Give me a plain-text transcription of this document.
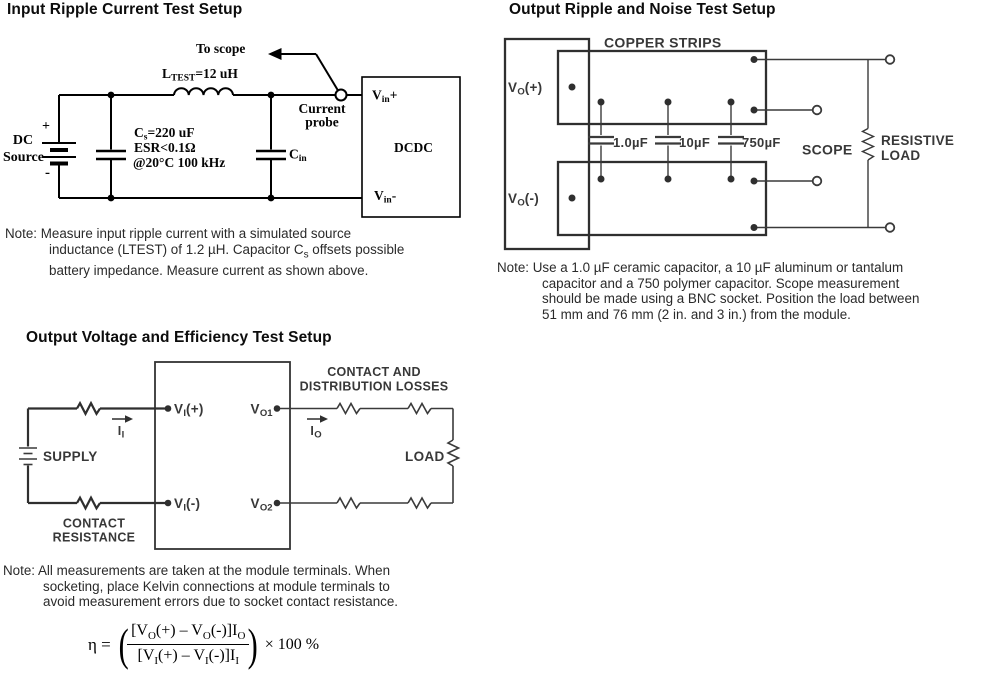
Input Ripple Current Test Setup	Output Ripple and Noise Test Setup
Output Voltage and Efficiency Test Setup
To scope
LTEST=12 uH
+
DC
Source
-
Cs=220 uF
ESR<0.1Ω
@20°C 100 kHz
Cin
Current
probe
Vin+
DCDC
Vin-
Note: Measure input ripple current with a simulated source
inductance (LTEST) of 1.2 µH. Capacitor $C_s$ offsets possible
battery impedance. Measure current as shown above.
COPPER STRIPS
VO(+)
VO(-)
1.0µF 10µF 750µF SCOPE
RESISTIVE
LOAD
Note: Use a 1.0 µF ceramic capacitor, a 10 µF aluminum or tantalum
capacitor and a 750 polymer capacitor. Scope measurement
should be made using a BNC socket. Position the load between
51 mm and 76 mm (2 in. and 3 in.) from the module.
SUPPLY
CONTACT
RESISTANCE
VI(+)
VI(-)
VO1
VO2
$I_I$	$I_O$
CONTACT AND
DISTRIBUTION LOSSES
LOAD
Note: All measurements are taken at the module terminals. When
socketing, place Kelvin connections at module terminals to
avoid measurement errors due to socket contact resistance.
η = (
$\frac{[V_O(+) - V_O(-)]I_O}{[V_I(+) - V_I(-)]I_I}$
) × 100 %
